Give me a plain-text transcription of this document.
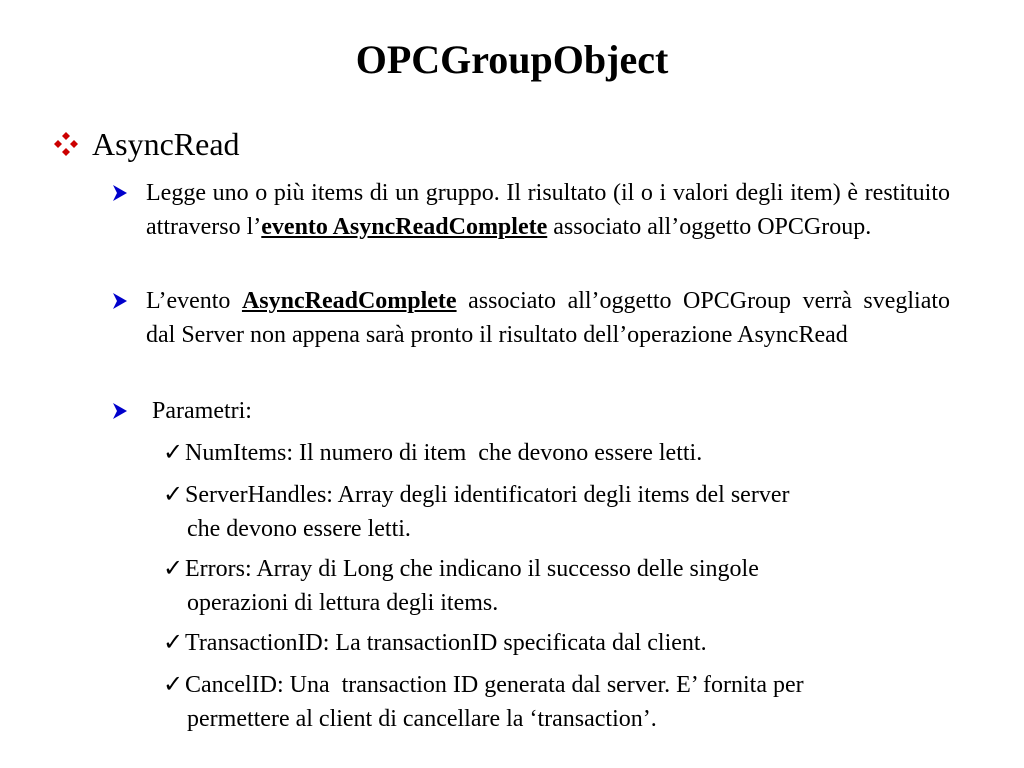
OPCGroupObject
AsyncRead
Legge uno o più items di un gruppo. Il risultato (il o i valori degli item) è restituito attraverso l’evento AsyncReadComplete associato all’oggetto OPCGroup.
L’evento AsyncReadComplete associato all’oggetto OPCGroup verrà svegliato dal Server non appena sarà pronto il risultato dell’operazione AsyncRead
Parametri:
✓NumItems: Il numero di item  che devono essere letti.
✓ServerHandles: Array degli identificatori degli items del server
che devono essere letti.
✓Errors: Array di Long che indicano il successo delle singole
operazioni di lettura degli items.
✓TransactionID: La transactionID specificata dal client.
✓CancelID: Una  transaction ID generata dal server. E’ fornita per
permettere al client di cancellare la ‘transaction’.
